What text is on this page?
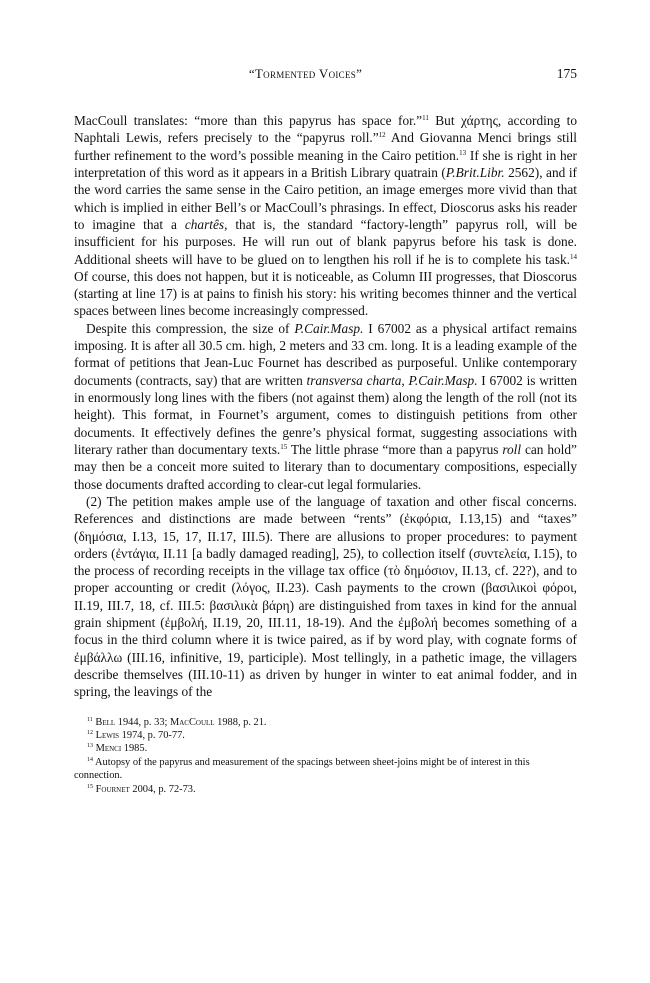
“Tormented Voices”	175

MacCoull translates: “more than this papyrus has space for.”$^{11}$ But χάρτης, according to Naphtali Lewis, refers precisely to the “papyrus roll.”$^{12}$ And Giovanna Menci brings still further refinement to the word’s possible meaning in the Cairo petition.$^{13}$ If she is right in her interpretation of this word as it appears in a British Library quatrain (P.Brit.Libr. 2562), and if the word carries the same sense in the Cairo petition, an image emerges more vivid than that which is implied in either Bell’s or MacCoull’s phrasings. In effect, Dioscorus asks his reader to imagine that a chartês, that is, the standard “factory-length” papyrus roll, will be insufficient for his purposes. He will run out of blank papyrus before his task is done. Additional sheets will have to be glued on to lengthen his roll if he is to complete his task.$^{14}$ Of course, this does not happen, but it is noticeable, as Column III progresses, that Dioscorus (starting at line 17) is at pains to finish his story: his writing becomes thinner and the vertical spaces between lines become increasingly compressed.

Despite this compression, the size of P.Cair.Masp. I 67002 as a physical artifact remains imposing. It is after all 30.5 cm. high, 2 meters and 33 cm. long. It is a leading example of the format of petitions that Jean-Luc Fournet has described as purposeful. Unlike contemporary documents (contracts, say) that are written transversa charta, P.Cair.Masp. I 67002 is written in enormously long lines with the fibers (not against them) along the length of the roll (not its height). This format, in Fournet’s argument, comes to distinguish petitions from other documents. It effectively defines the genre’s physical format, suggesting associations with literary rather than documentary texts.$^{15}$ The little phrase “more than a papyrus roll can hold” may then be a conceit more suited to literary than to documentary compositions, especially those documents drafted according to clear-cut legal formularies.

(2) The petition makes ample use of the language of taxation and other fiscal concerns. References and distinctions are made between “rents” (ἐκφόρια, I.13,15) and “taxes” (δημόσια, I.13, 15, 17, II.17, III.5). There are allusions to proper procedures: to payment orders (ἐντάγια, II.11 [a badly damaged reading], 25), to collection itself (συντελεία, I.15), to the process of recording receipts in the village tax office (τὸ δημόσιον, II.13, cf. 22?), and to proper accounting or credit (λόγος, II.23). Cash payments to the crown (βασιλικοὶ φόροι, II.19, III.7, 18, cf. III.5: βασιλικὰ βάρη) are distinguished from taxes in kind for the annual grain shipment (ἐμβολή, II.19, 20, III.11, 18-19). And the ἐμβολή becomes something of a focus in the third column where it is twice paired, as if by word play, with cognate forms of ἐμβάλλω (III.16, infinitive, 19, participle). Most tellingly, in a pathetic image, the villagers describe themselves (III.10-11) as driven by hunger in winter to eat animal fodder, and in spring, the leavings of the

$^{11}$ Bell 1944, p. 33; MacCoull 1988, p. 21.

$^{12}$ Lewis 1974, p. 70-77.

$^{13}$ Menci 1985.

$^{14}$ Autopsy of the papyrus and measurement of the spacings between sheet-joins might be of interest in this connection.

$^{15}$ Fournet 2004, p. 72-73.
